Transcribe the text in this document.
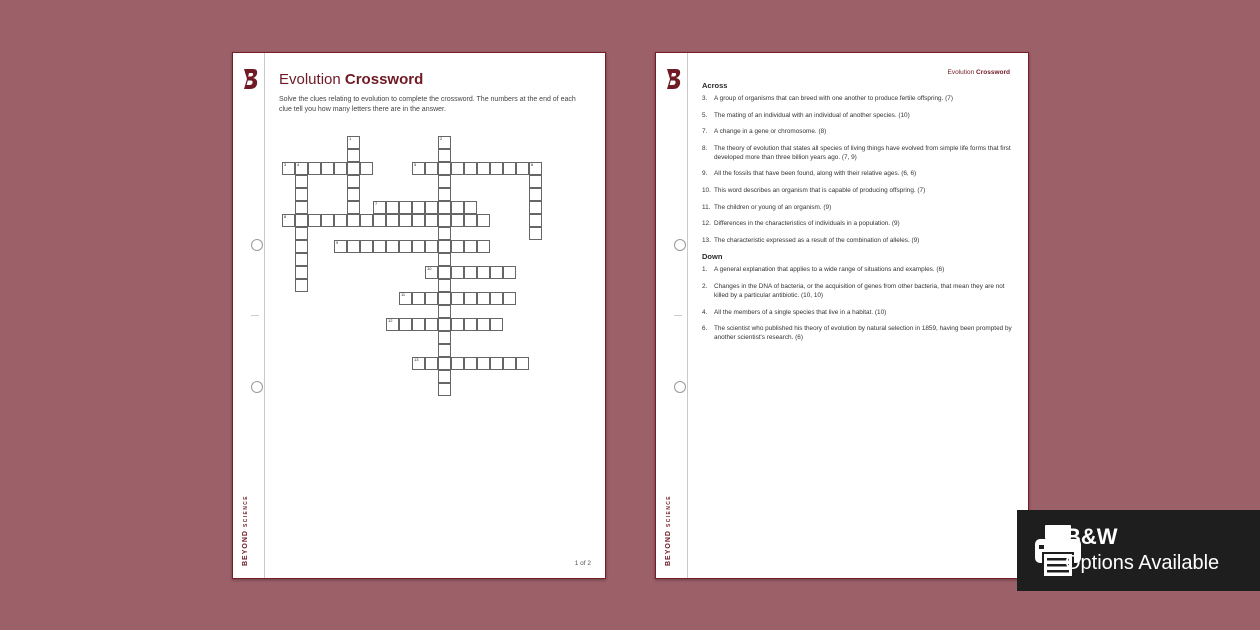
BEYONDSCIENCE
Evolution Crossword
Solve the clues relating to evolution to complete the crossword. The numbers at the end of each clue tell you how many letters there are in the answer.
3	4
1	2
5	6
8
7
9
10
11
12
13
1 of 2	BEYONDSCIENCE
Evolution Crossword
Across
3.	A group of organisms that can breed with one another to produce fertile offspring. (7)
5.	The mating of an individual with an individual of another species. (10)
7.	A change in a gene or chromosome. (8)
8.	The theory of evolution that states all species of living things have evolved from simple life forms that first developed more than three billion years ago. (7, 9)
9.	All the fossils that have been found, along with their relative ages. (6, 6)
10. This word describes an organism that is capable of producing offspring. (7)
11. The children or young of an organism. (9)
12. Differences in the characteristics of individuals in a population. (9)
13. The characteristic expressed as a result of the combination of alleles. (9)
Down
1.	A general explanation that applies to a wide range of situations and examples. (6)
2.	Changes in the DNA of bacteria, or the acquisition of genes from other bacteria, that mean they are not killed by a particular antibiotic. (10, 10)
4.	All the members of a single species that live in a habitat. (10)
6.	The scientist who published his theory of evolution by natural selection in 1859, having been prompted by another scientist's research. (6)
B&W
Options Available
